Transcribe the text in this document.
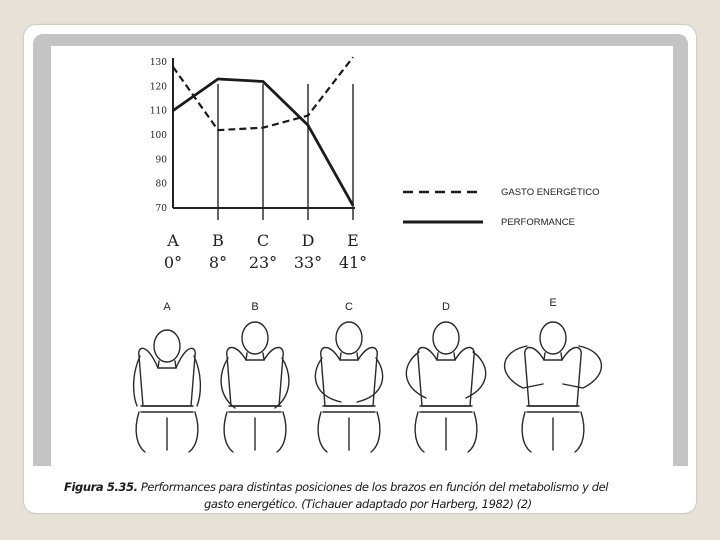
130
120
110
100
90
80
70
A
0°
B
8°
C
23°
D
33°
E
41°
GASTO ENERGÉTICO
PERFORMANCE
A	B	C	D	E
Figura 5.35. Performances para distintas posiciones de los brazos en función del metabolismo y del
gasto energético. (Tichauer adaptado por Harberg, 1982) (2)
